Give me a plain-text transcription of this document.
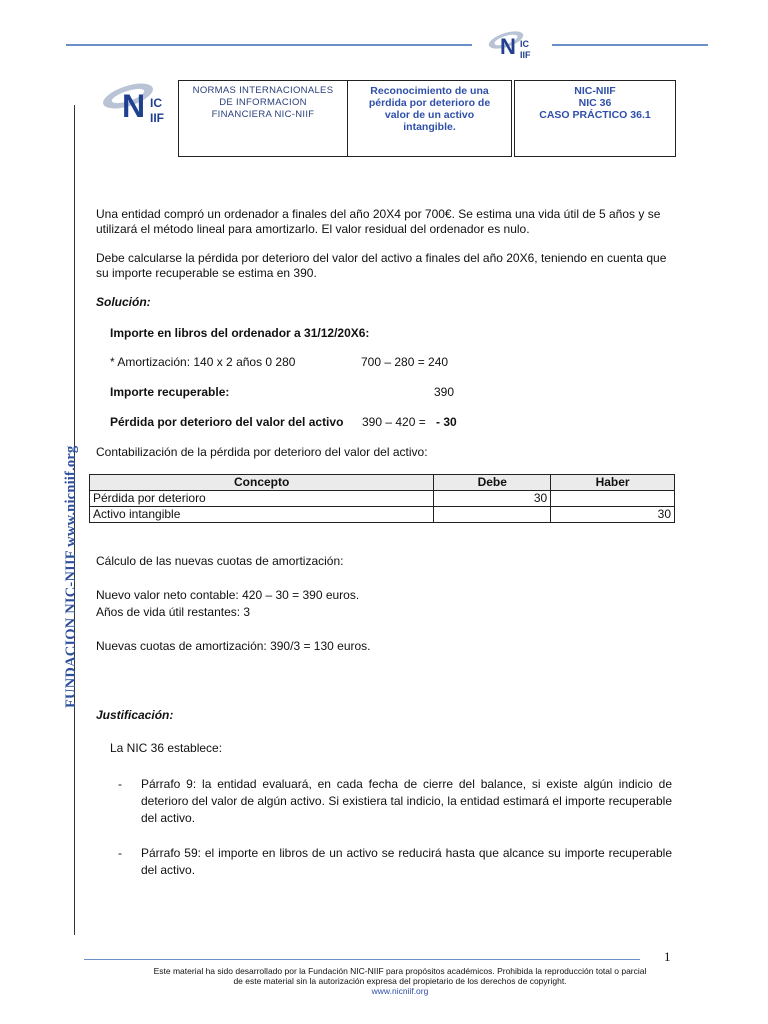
N IC
IIF
N IC
IIF
NORMAS INTERNACIONALES
DE INFORMACION
FINANCIERA NIC-NIIF
Reconocimiento de una
pérdida por deterioro de
valor de un activo
intangible.
NIC-NIIF
NIC 36
CASO PRÁCTICO 36.1
FUNDACION NIC-NIIF www.nicniif.org
Una entidad compró un ordenador a finales del año 20X4 por 700€. Se estima una vida útil de 5 años y se utilizará el método lineal para amortizarlo. El valor residual del ordenador es nulo.
Debe calcularse la pérdida por deterioro del valor del activo a finales del año 20X6, teniendo en cuenta que su importe recuperable se estima en 390.
Solución:
Importe en libros del ordenador a 31/12/20X6:
* Amortización: 140 x 2 años 0 280	700 – 280 = 240
Importe recuperable:	390
Pérdida por deterioro del valor del activo 390 – 420 = - 30
Contabilización de la pérdida por deterioro del valor del activo:
Concepto	Debe	Haber
Pérdida por deterioro	30	
Activo intangible		30
Cálculo de las nuevas cuotas de amortización:
Nuevo valor neto contable: 420 – 30 = 390 euros.
Años de vida útil restantes: 3
Nuevas cuotas de amortización: 390/3 = 130 euros.
Justificación:
La NIC 36 establece:
- Párrafo 9: la entidad evaluará, en cada fecha de cierre del balance, si existe algún indicio de deterioro del valor de algún activo. Si existiera tal indicio, la entidad estimará el importe recuperable del activo.
- Párrafo 59: el importe en libros de un activo se reducirá hasta que alcance su importe recuperable del activo.
1
Este material ha sido desarrollado por la Fundación NIC-NIIF para propósitos académicos. Prohibida la reproducción total o parcial
de este material sin la autorización expresa del propietario de los derechos de copyright.
www.nicniif.org
